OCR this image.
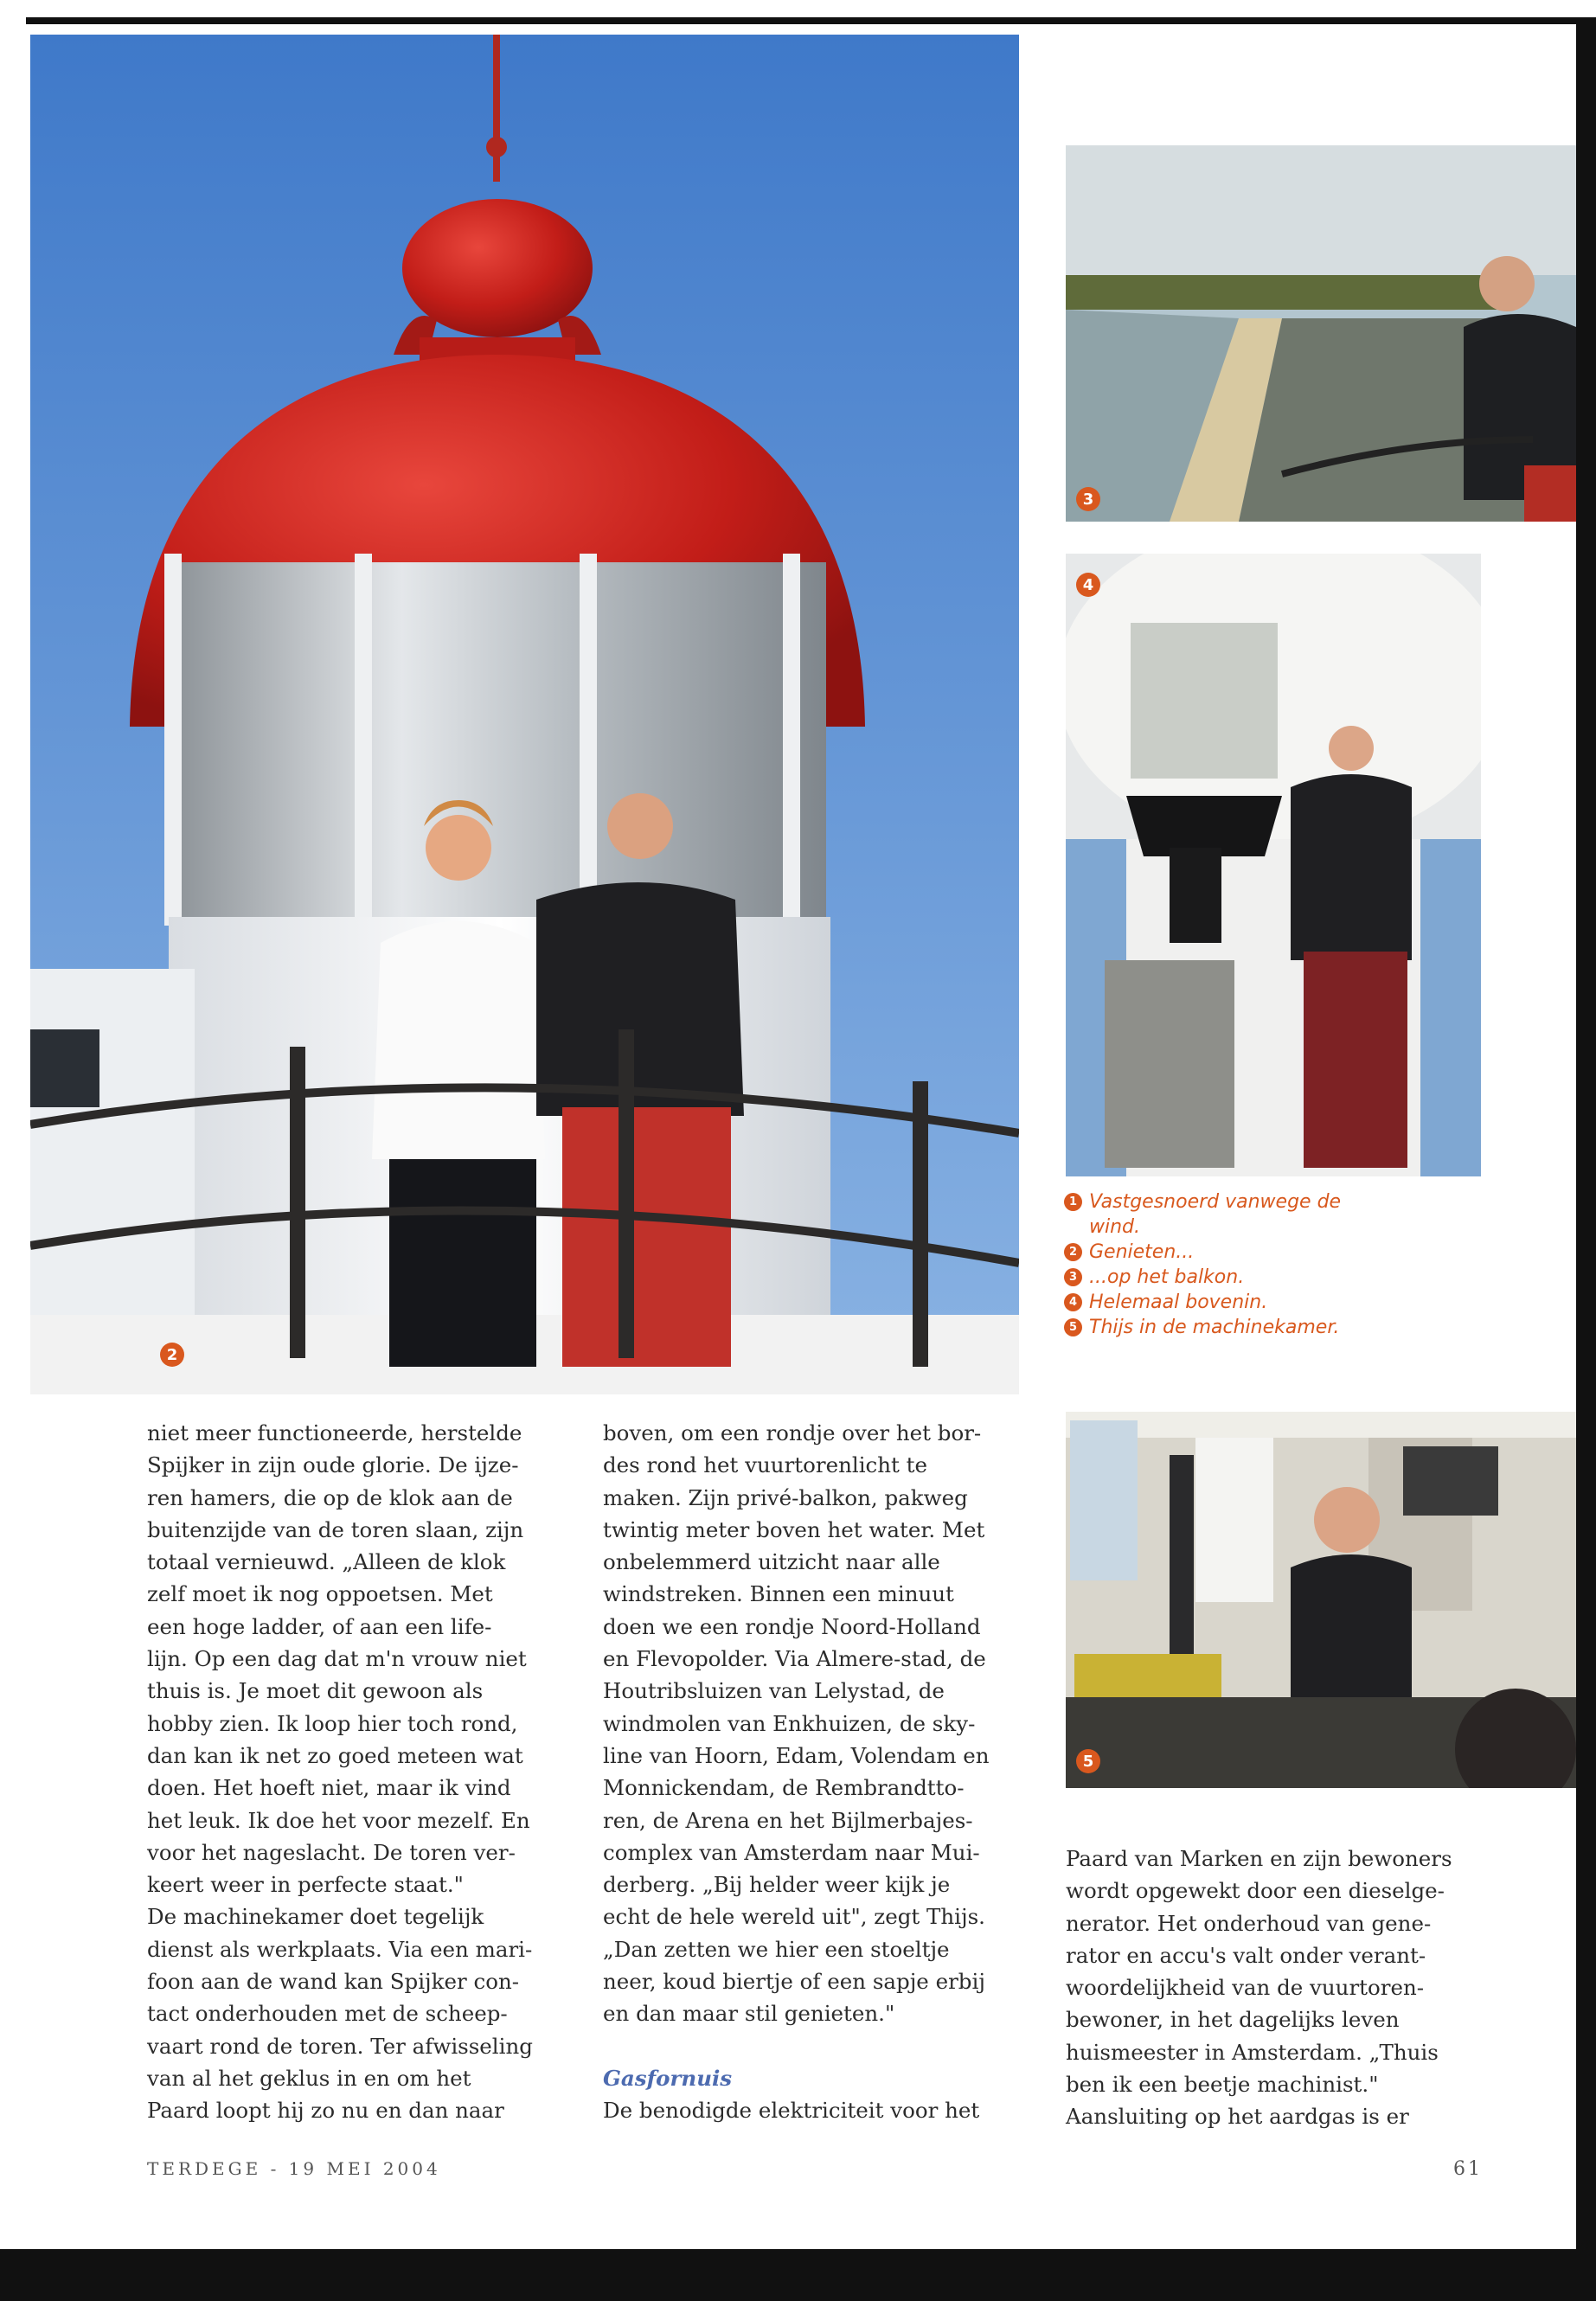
2
3
4
5
1 Vastgesnoerd vanwege de wind.
2 Genieten...
3 ...op het balkon.
4 Helemaal bovenin.
5 Thijs in de machinekamer.
niet meer functioneerde, herstelde
Spijker in zijn oude glorie. De ijze-
ren hamers, die op de klok aan de
buitenzijde van de toren slaan, zijn
totaal vernieuwd. „Alleen de klok
zelf moet ik nog oppoetsen. Met
een hoge ladder, of aan een life-
lijn. Op een dag dat m'n vrouw niet
thuis is. Je moet dit gewoon als
hobby zien. Ik loop hier toch rond,
dan kan ik net zo goed meteen wat
doen. Het hoeft niet, maar ik vind
het leuk. Ik doe het voor mezelf. En
voor het nageslacht. De toren ver-
keert weer in perfecte staat."
De machinekamer doet tegelijk
dienst als werkplaats. Via een mari-
foon aan de wand kan Spijker con-
tact onderhouden met de scheep-
vaart rond de toren. Ter afwisseling
van al het geklus in en om het
Paard loopt hij zo nu en dan naar
boven, om een rondje over het bor-
des rond het vuurtorenlicht te
maken. Zijn privé-balkon, pakweg
twintig meter boven het water. Met
onbelemmerd uitzicht naar alle
windstreken. Binnen een minuut
doen we een rondje Noord-Holland
en Flevopolder. Via Almere-stad, de
Houtribsluizen van Lelystad, de
windmolen van Enkhuizen, de sky-
line van Hoorn, Edam, Volendam en
Monnickendam, de Rembrandtto-
ren, de Arena en het Bijlmerbajes-
complex van Amsterdam naar Mui-
derberg. „Bij helder weer kijk je
echt de hele wereld uit", zegt Thijs.
„Dan zetten we hier een stoeltje
neer, koud biertje of een sapje erbij
en dan maar stil genieten."
Gasfornuis
De benodigde elektriciteit voor het
Paard van Marken en zijn bewoners
wordt opgewekt door een dieselge-
nerator. Het onderhoud van gene-
rator en accu's valt onder verant-
woordelijkheid van de vuurtoren-
bewoner, in het dagelijks leven
huismeester in Amsterdam. „Thuis
ben ik een beetje machinist."
Aansluiting op het aardgas is er
TERDEGE - 19 MEI 2004	61
